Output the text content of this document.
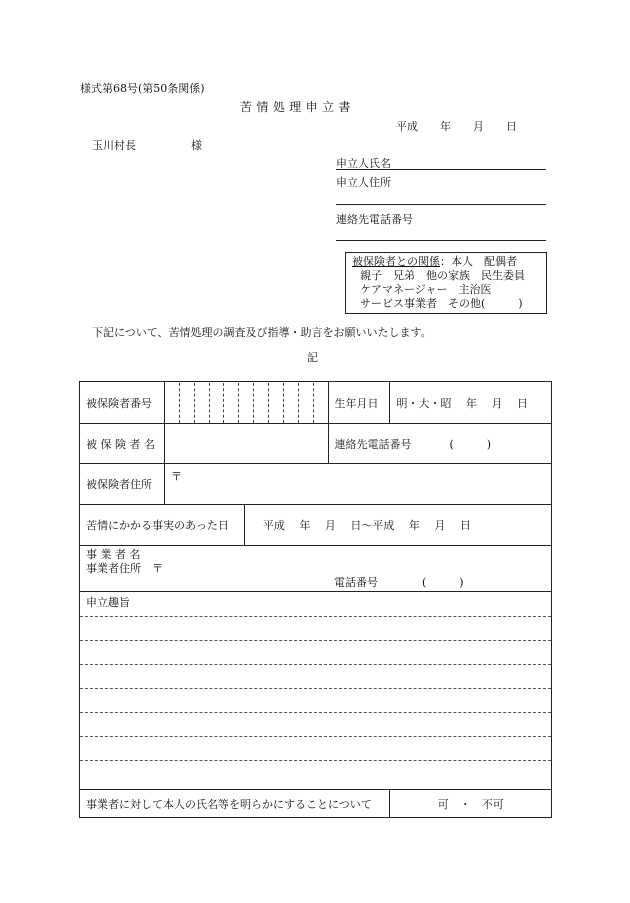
様式第68号(第50条関係)
苦 情 処 理 申 立 書
平成　　年　　月　　日
玉川村長　　　　　様
申立人氏名
申立人住所
連絡先電話番号
被保険者との関係：本人　配偶者
親子　兄弟　他の家族　民生委員
ケアマネージャー　主治医
サービス事業者　その他(　　　)
下記について、苦情処理の調査及び指導・助言をお願いいたします。
記
被保険者番号			生年月日	明・大・昭　 年　 月　 日
被 保 険 者 名			連絡先電話番号 (　　　)	
被保険者住所	〒			
苦情にかかる事実のあった日		平成　 年　 月　 日～平成　 年　 月　 日		

事 業 者 名
事業者住所　 〒
電話番号 (　　　)				

申立趣旨				

事業者に対して本人の氏名等を明らかにすることについて				可　・　不可
